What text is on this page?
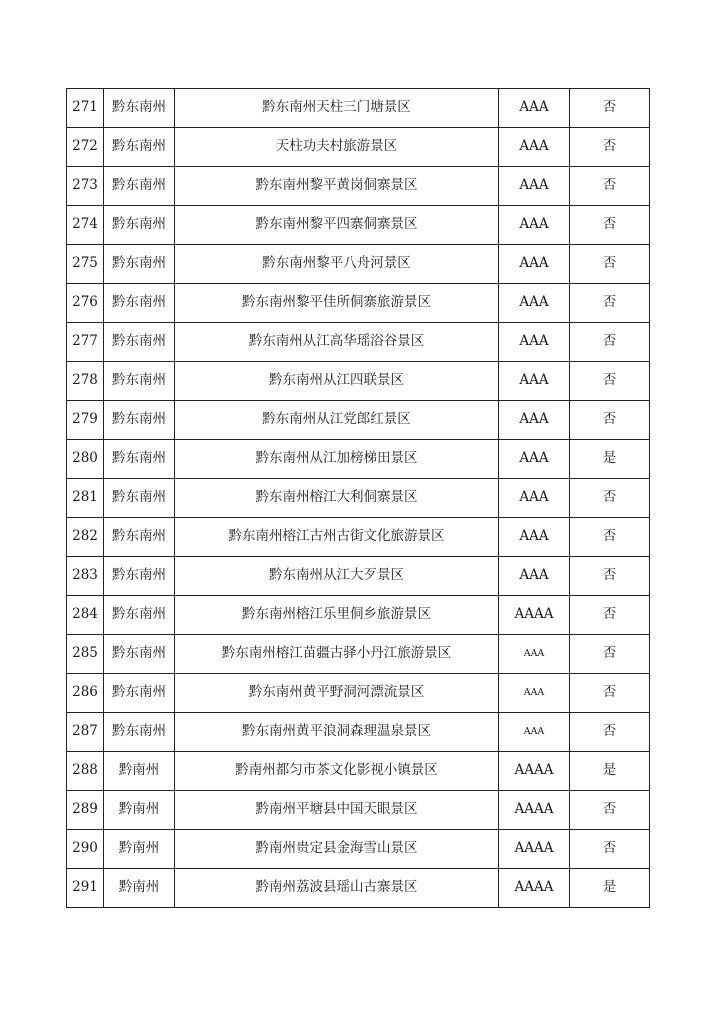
271	黔东南州	黔东南州天柱三门塘景区	AAA	否
272	黔东南州	天柱功夫村旅游景区	AAA	否
273	黔东南州	黔东南州黎平黄岗侗寨景区	AAA	否
274	黔东南州	黔东南州黎平四寨侗寨景区	AAA	否
275	黔东南州	黔东南州黎平八舟河景区	AAA	否
276	黔东南州	黔东南州黎平佳所侗寨旅游景区	AAA	否
277	黔东南州	黔东南州从江高华瑶浴谷景区	AAA	否
278	黔东南州	黔东南州从江四联景区	AAA	否
279	黔东南州	黔东南州从江党郎红景区	AAA	否
280	黔东南州	黔东南州从江加榜梯田景区	AAA	是
281	黔东南州	黔东南州榕江大利侗寨景区	AAA	否
282	黔东南州	黔东南州榕江古州古街文化旅游景区	AAA	否
283	黔东南州	黔东南州从江大歹景区	AAA	否
284	黔东南州	黔东南州榕江乐里侗乡旅游景区	AAAA	否
285	黔东南州	黔东南州榕江苗疆古驿小丹江旅游景区	AAA	否
286	黔东南州	黔东南州黄平野洞河漂流景区	AAA	否
287	黔东南州	黔东南州黄平浪洞森理温泉景区	AAA	否
288	黔南州	黔南州都匀市茶文化影视小镇景区	AAAA	是
289	黔南州	黔南州平塘县中国天眼景区	AAAA	否
290	黔南州	黔南州贵定县金海雪山景区	AAAA	否
291	黔南州	黔南州荔波县瑶山古寨景区	AAAA	是
